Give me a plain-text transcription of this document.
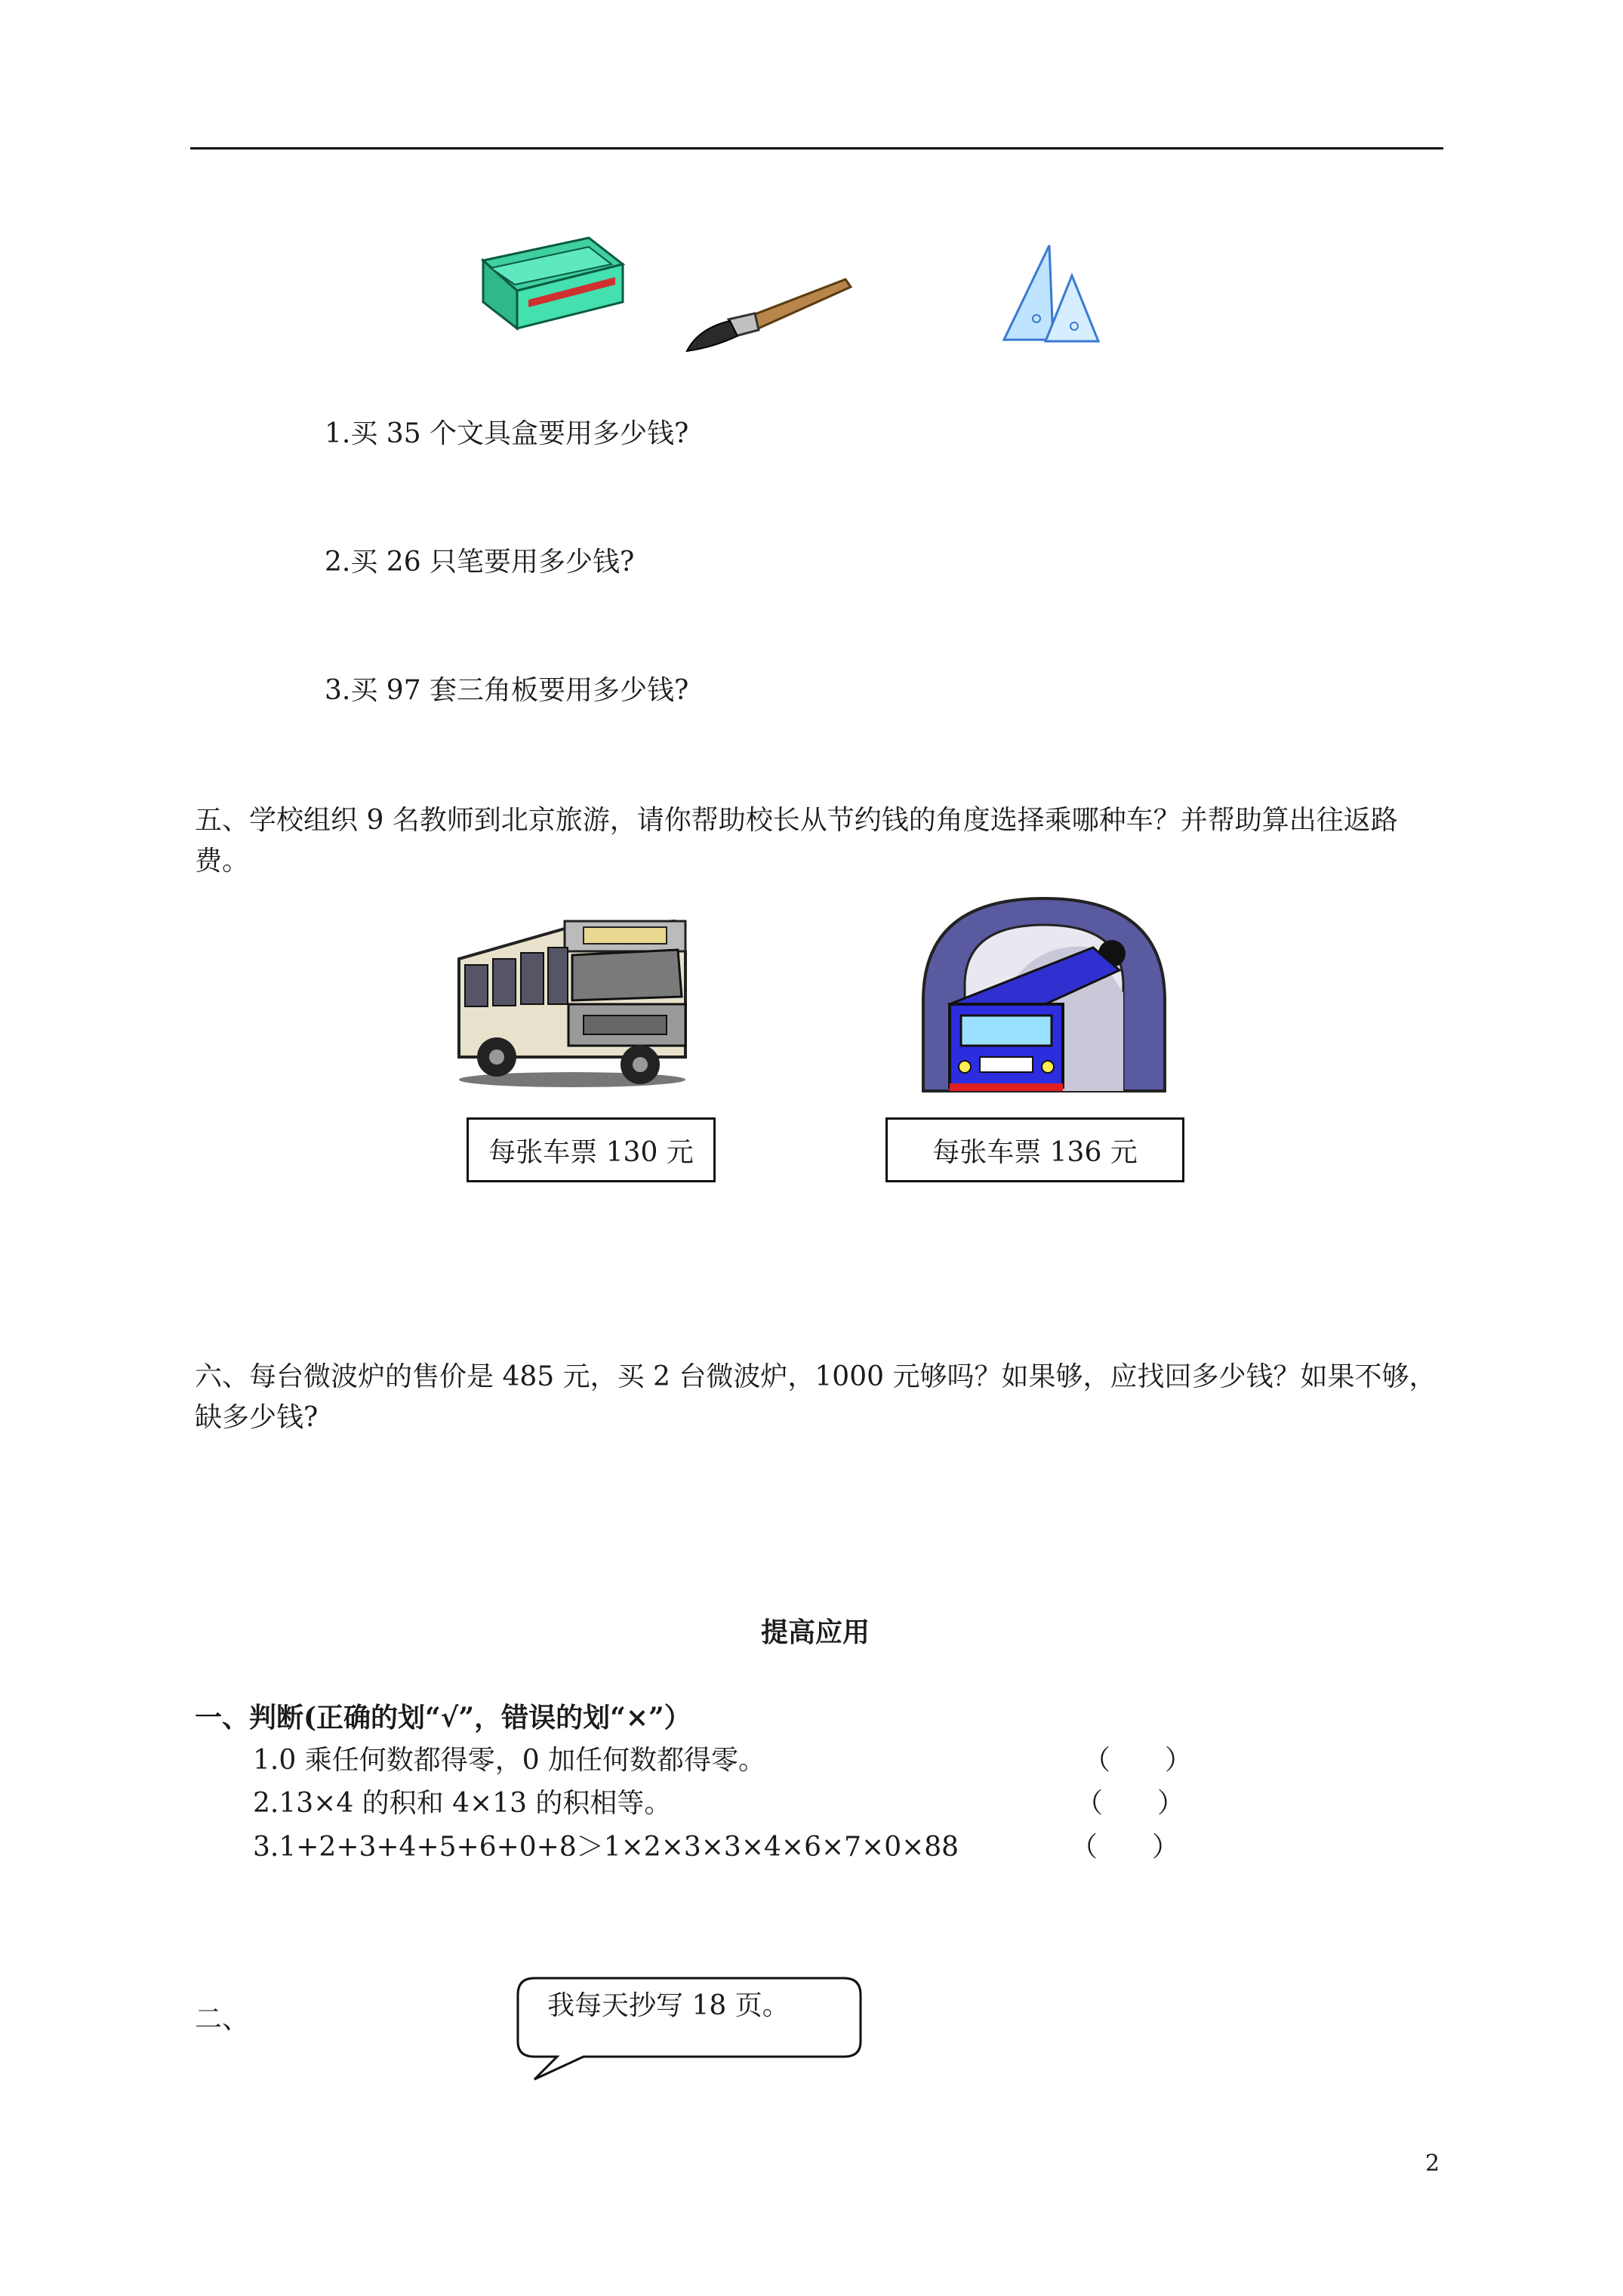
1.买 35 个文具盒要用多少钱?
2.买 26 只笔要用多少钱?
3.买 97 套三角板要用多少钱?
五、学校组织 9 名教师到北京旅游，请你帮助校长从节约钱的角度选择乘哪种车？并帮助算出往返路费。
每张车票 130 元	每张车票 136 元
六、每台微波炉的售价是 485 元，买 2 台微波炉，1000 元够吗？如果够，应找回多少钱？如果不够，缺多少钱?
提高应用
一、判断(正确的划“√”，错误的划“×”）
1.0 乘任何数都得零，0 加任何数都得零。	（　　）
2.13×4 的积和 4×13 的积相等。	（　　）
3.1+2+3+4+5+6+0+8＞1×2×3×3×4×6×7×0×88	（　　）
二、	我每天抄写 18 页。
2
